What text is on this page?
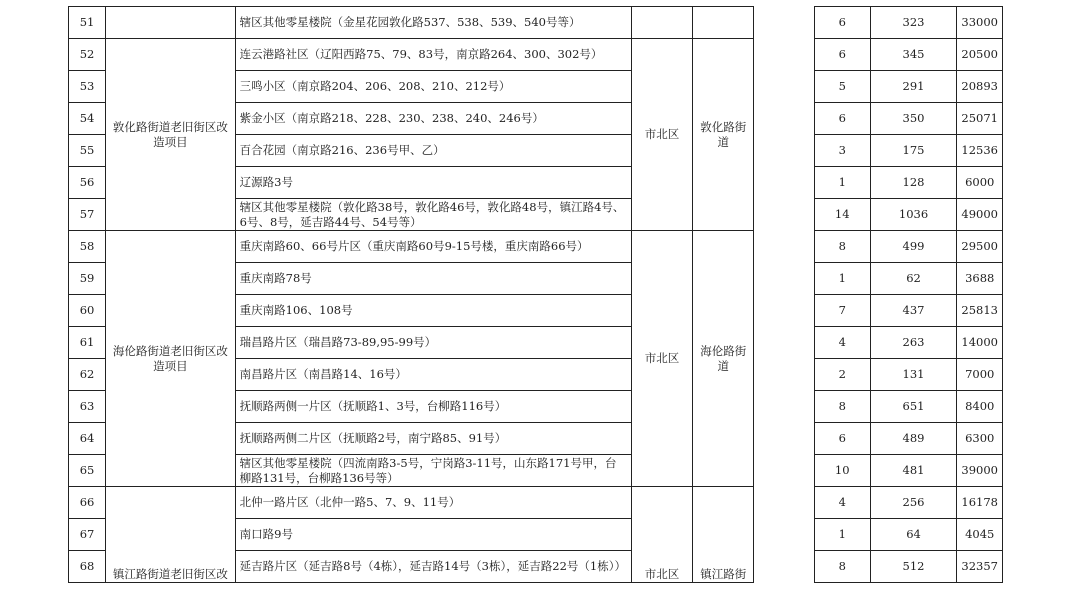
51		辖区其他零星楼院（金星花园敦化路537、538、539、540号等）				6	323	33000
52	敦化路街道老旧街区改造项目	连云港路社区（辽阳西路75、79、83号，南京路264、300、302号）	市北区	敦化路街道		6	345	20500
53		三鸣小区（南京路204、206、208、210、212号）				5	291	20893
54		紫金小区（南京路218、228、230、238、240、246号）				6	350	25071
55		百合花园（南京路216、236号甲、乙）				3	175	12536
56		辽源路3号				1	128	6000
57		辖区其他零星楼院（敦化路38号，敦化路46号，敦化路48号，镇江路4号、6号、8号，延吉路44号、54号等）				14	1036	49000
58	海伦路街道老旧街区改造项目	重庆南路60、66号片区（重庆南路60号9-15号楼，重庆南路66号）	市北区	海伦路街道		8	499	29500
59		重庆南路78号				1	62	3688
60		重庆南路106、108号				7	437	25813
61		瑞昌路片区（瑞昌路73-89,95-99号）				4	263	14000
62		南昌路片区（南昌路14、16号）				2	131	7000
63		抚顺路两侧一片区（抚顺路1、3号，台柳路116号）				8	651	8400
64		抚顺路两侧二片区（抚顺路2号，南宁路85、91号）				6	489	6300
65		辖区其他零星楼院（四流南路3-5号，宁岗路3-11号，山东路171号甲，台柳路131号，台柳路136号等）				10	481	39000
66	镇江路街道老旧街区改	北仲一路片区（北仲一路5、7、9、11号）	市北区	镇江路街		4	256	16178
67		南口路9号				1	64	4045
68		延吉路片区（延吉路8号（4栋），延吉路14号（3栋），延吉路22号（1栋））				8	512	32357
